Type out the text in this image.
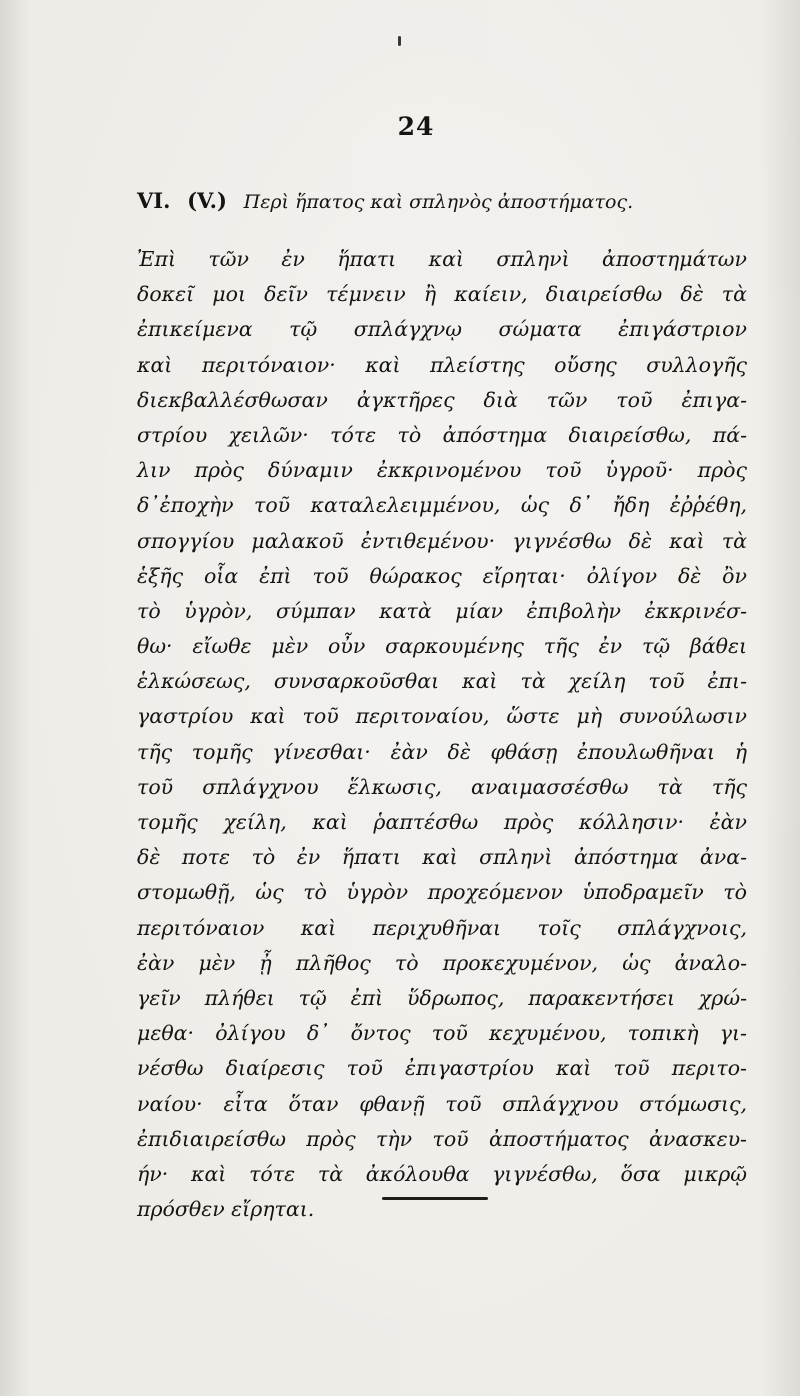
24
VI. (V.) Περὶ ἥπατος καὶ σπληνὸς ἀποστήματος.
Ἐπὶ τῶν ἐν ἥπατι καὶ σπληνὶ ἀποστημάτων
δοκεῖ μοι δεῖν τέμνειν ἢ καίειν, διαιρείσθω δὲ τὰ
ἐπικείμενα τῷ σπλάγχνῳ σώματα ἐπιγάστριον
καὶ περιτόναιον· καὶ πλείστης οὔσης συλλογῆς
διεκβαλλέσθωσαν ἀγκτῆρες διὰ τῶν τοῦ ἐπιγα-
στρίου χειλῶν· τότε τὸ ἀπόστημα διαιρείσθω, πά-
λιν πρὸς δύναμιν ἐκκρινομένου τοῦ ὑγροῦ· πρὸς
δ᾽ἐποχὴν τοῦ καταλελειμμένου, ὡς δ᾽ ἤδη ἐῤῥέθη,
σπογγίου μαλακοῦ ἐντιθεμένου· γιγνέσθω δὲ καὶ τὰ
ἑξῆς οἷα ἐπὶ τοῦ θώρακος εἴρηται· ὀλίγον δὲ ὂν
τὸ ὑγρὸν, σύμπαν κατὰ μίαν ἐπιβολὴν ἐκκρινέσ-
θω· εἴωθε μὲν οὖν σαρκουμένης τῆς ἐν τῷ βάθει
ἑλκώσεως, συνσαρκοῦσθαι καὶ τὰ χείλη τοῦ ἐπι-
γαστρίου καὶ τοῦ περιτοναίου, ὥστε μὴ συνούλωσιν
τῆς τομῆς γίνεσθαι· ἐὰν δὲ φθάσῃ ἐπουλωθῆναι ἡ
τοῦ σπλάγχνου ἕλκωσις, αναιμασσέσθω τὰ τῆς
τομῆς χείλη, καὶ ῥαπτέσθω πρὸς κόλλησιν· ἐὰν
δὲ ποτε τὸ ἐν ἥπατι καὶ σπληνὶ ἀπόστημα ἀνα-
στομωθῇ, ὡς τὸ ὑγρὸν προχεόμενον ὑποδραμεῖν τὸ
περιτόναιον καὶ περιχυθῆναι τοῖς σπλάγχνοις,
ἐὰν μὲν ᾖ πλῆθος τὸ προκεχυμένον, ὡς ἀναλο-
γεῖν πλήθει τῷ ἐπὶ ὕδρωπος, παρακεντήσει χρώ-
μεθα· ὀλίγου δ᾽ ὄντος τοῦ κεχυμένου, τοπικὴ γι-
νέσθω διαίρεσις τοῦ ἐπιγαστρίου καὶ τοῦ περιτο-
ναίου· εἶτα ὅταν φθανῇ τοῦ σπλάγχνου στόμωσις,
ἐπιδιαιρείσθω πρὸς τὴν τοῦ ἀποστήματος ἀνασκευ-
ήν· καὶ τότε τὰ ἀκόλουθα γιγνέσθω, ὅσα μικρῷ
πρόσθεν εἴρηται.
